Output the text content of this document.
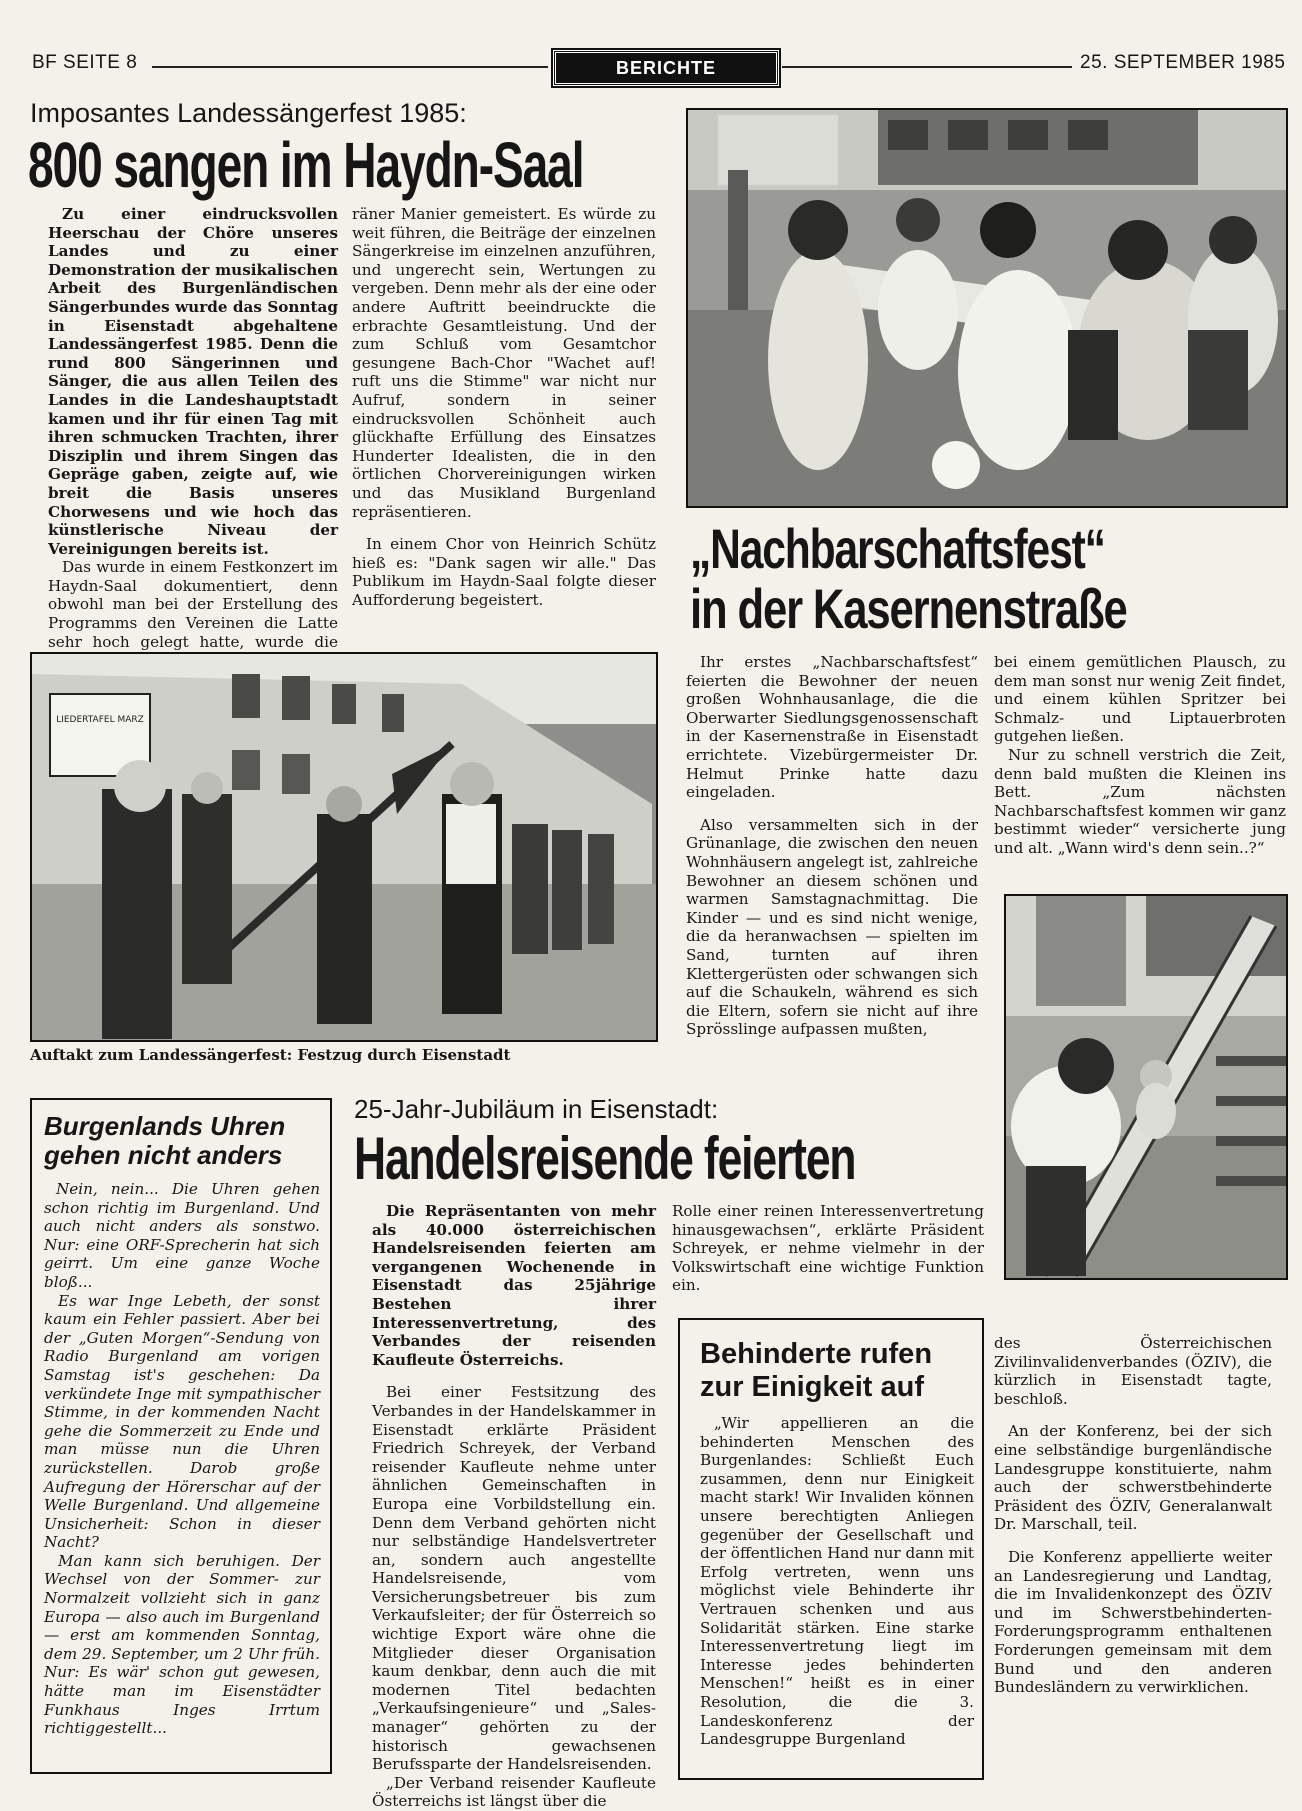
BF SEITE 8	BERICHTE	25. SEPTEMBER 1985
Imposantes Landessängerfest 1985:
800 sangen im Haydn-Saal

Zu einer eindrucksvollen Heerschau der Chöre unseres Landes und zu einer Demonstration der musikalischen Arbeit des Burgenländischen Sängerbundes wurde das Sonntag in Eisenstadt abgehaltene Landessängerfest 1985. Denn die rund 800 Sängerinnen und Sänger, die aus allen Teilen des Landes in die Landeshauptstadt kamen und ihr für einen Tag mit ihren schmucken Trachten, ihrer Disziplin und ihrem Singen das Gepräge gaben, zeigte auf, wie breit die Basis unseres Chorwesens und wie hoch das künstlerische Niveau der Vereinigungen bereits ist.

Das wurde in einem Festkonzert im Haydn-Saal dokumentiert, denn obwohl man bei der Erstellung des Programms den Vereinen die Latte sehr hoch gelegt hatte, wurde die

räner Manier gemeistert. Es würde zu weit führen, die Beiträge der einzelnen Sängerkreise im einzelnen anzuführen, und ungerecht sein, Wertungen zu vergeben. Denn mehr als der eine oder andere Auftritt beeindruckte die erbrachte Gesamtleistung. Und der zum Schluß vom Gesamtchor gesungene Bach-Chor "Wachet auf! ruft uns die Stimme" war nicht nur Aufruf, sondern in seiner eindrucksvollen Schönheit auch glückhafte Erfüllung des Einsatzes Hunderter Idealisten, die in den örtlichen Chorvereinigungen wirken und das Musikland Burgenland repräsentieren.

In einem Chor von Heinrich Schütz hieß es: "Dank sagen wir alle." Das Publikum im Haydn-Saal folgte dieser Aufforderung begeistert.

„Nachbarschaftsfest“
in der Kasernenstraße
LIEDERTAFEL MARZ
Auftakt zum Landessängerfest: Festzug durch Eisenstadt

Ihr erstes „Nachbarschaftsfest“ feierten die Bewohner der neuen großen Wohnhausanlage, die die Oberwarter Siedlungsgenossenschaft in der Kasernenstraße in Eisenstadt errichtete. Vizebürgermeister Dr. Helmut Prinke hatte dazu eingeladen.

Also versammelten sich in der Grünanlage, die zwischen den neuen Wohnhäusern angelegt ist, zahlreiche Bewohner an diesem schönen und warmen Samstagnachmittag. Die Kinder — und es sind nicht wenige, die da heranwachsen — spielten im Sand, turnten auf ihren Klettergerüsten oder schwangen sich auf die Schaukeln, während es sich die Eltern, sofern sie nicht auf ihre Sprösslinge aufpassen mußten,

bei einem gemütlichen Plausch, zu dem man sonst nur wenig Zeit findet, und einem kühlen Spritzer bei Schmalz- und Liptauerbroten gutgehen ließen.

Nur zu schnell verstrich die Zeit, denn bald mußten die Kleinen ins Bett. „Zum nächsten Nachbarschaftsfest kommen wir ganz bestimmt wieder“ versicherte jung und alt. „Wann wird's denn sein..?“

Burgenlands Uhren gehen nicht anders

Nein, nein... Die Uhren gehen schon richtig im Burgenland. Und auch nicht anders als sonstwo. Nur: eine ORF-Sprecherin hat sich geirrt. Um eine ganze Woche bloß...

Es war Inge Lebeth, der sonst kaum ein Fehler passiert. Aber bei der „Guten Morgen“-Sendung von Radio Burgenland am vorigen Samstag ist's geschehen: Da verkündete Inge mit sympathischer Stimme, in der kommenden Nacht gehe die Sommerzeit zu Ende und man müsse nun die Uhren zurückstellen. Darob große Aufregung der Hörerschar auf der Welle Burgenland. Und allgemeine Unsicherheit: Schon in dieser Nacht?

Man kann sich beruhigen. Der Wechsel von der Sommer- zur Normalzeit vollzieht sich in ganz Europa — also auch im Burgenland — erst am kommenden Sonntag, dem 29. September, um 2 Uhr früh. Nur: Es wär' schon gut gewesen, hätte man im Eisenstädter Funkhaus Inges Irrtum richtiggestellt...

25-Jahr-Jubiläum in Eisenstadt:
Handelsreisende feierten

Die Repräsentanten von mehr als 40.000 österreichischen Handelsreisenden feierten am vergangenen Wochenende in Eisenstadt das 25jährige Bestehen ihrer Interessenvertretung, des Verbandes der reisenden Kaufleute Österreichs.

Bei einer Festsitzung des Verbandes in der Handelskammer in Eisenstadt erklärte Präsident Friedrich Schreyek, der Verband reisender Kaufleute nehme unter ähnlichen Gemeinschaften in Europa eine Vorbildstellung ein. Denn dem Verband gehörten nicht nur selbständige Handelsvertreter an, sondern auch angestellte Handelsreisende, vom Versicherungsbetreuer bis zum Verkaufsleiter; der für Österreich so wichtige Export wäre ohne die Mitglieder dieser Organisation kaum denkbar, denn auch die mit modernen Titel bedachten „Verkaufsingenieure“ und „Sales-manager“ gehörten zu der historisch gewachsenen Berufssparte der Handelsreisenden.

„Der Verband reisender Kaufleute Österreichs ist längst über die

Rolle einer reinen Interessenvertretung hinausgewachsen“, erklärte Präsident Schreyek, er nehme vielmehr in der Volkswirtschaft eine wichtige Funktion ein.

Behinderte rufen zur Einigkeit auf

„Wir appellieren an die behinderten Menschen des Burgenlandes: Schließt Euch zusammen, denn nur Einigkeit macht stark! Wir Invaliden können unsere berechtigten Anliegen gegenüber der Gesellschaft und der öffentlichen Hand nur dann mit Erfolg vertreten, wenn uns möglichst viele Behinderte ihr Vertrauen schenken und aus Solidarität stärken. Eine starke Interessenvertretung liegt im Interesse jedes behinderten Menschen!“ heißt es in einer Resolution, die die 3. Landeskonferenz der Landesgruppe Burgenland

des Österreichischen Zivilinvalidenverbandes (ÖZIV), die kürzlich in Eisenstadt tagte, beschloß.

An der Konferenz, bei der sich eine selbständige burgenländische Landesgruppe konstituierte, nahm auch der schwerstbehinderte Präsident des ÖZIV, Generalanwalt Dr. Marschall, teil.

Die Konferenz appellierte weiter an Landesregierung und Landtag, die im Invalidenkonzept des ÖZIV und im Schwerstbehinderten-Forderungsprogramm enthaltenen Forderungen gemeinsam mit dem Bund und den anderen Bundesländern zu verwirklichen.
